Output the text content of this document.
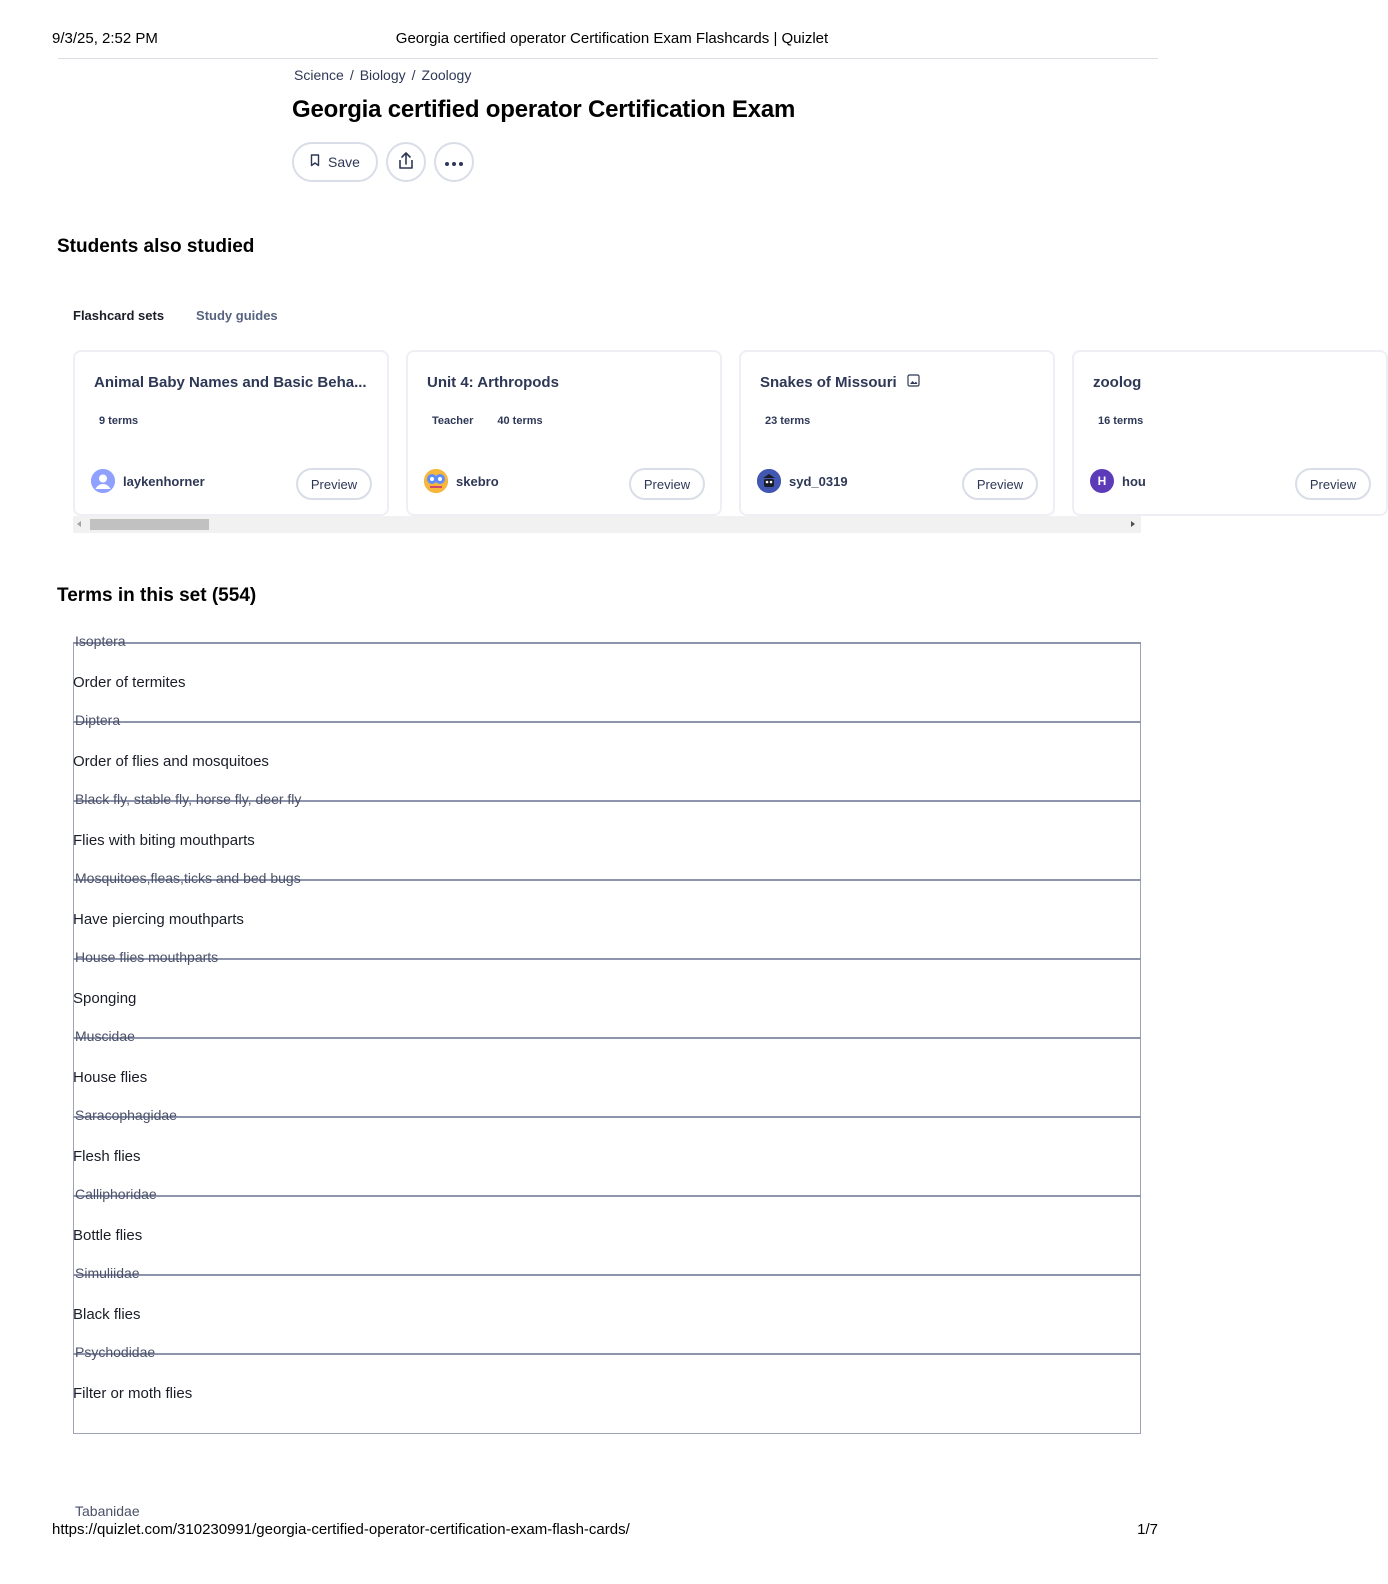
9/3/25, 2:52 PM	Georgia certified operator Certification Exam Flashcards | Quizlet
Science / Biology / Zoology
Georgia certified operator Certification Exam
Save
Students also studied
Flashcard sets Study guides
Animal Baby Names and Basic Beha...
9 terms
laykenhorner	Preview
Unit 4: Arthropods
Teacher 40 terms
skebro	Preview
Snakes of Missouri
23 terms
syd_0319	Preview
zoolog
16 terms
H	hou	Preview
Terms in this set (554)
Isoptera
Order of termites
Diptera
Order of flies and mosquitoes
Black fly, stable fly, horse fly, deer fly
Flies with biting mouthparts
Mosquitoes,fleas,ticks and bed bugs
Have piercing mouthparts
House flies mouthparts
Sponging
Muscidae
House flies
Saracophagidae
Flesh flies
Calliphoridae
Bottle flies
Simuliidae
Black flies
Psychodidae
Filter or moth flies
Tabanidae
https://quizlet.com/310230991/georgia-certified-operator-certification-exam-flash-cards/	1/7
